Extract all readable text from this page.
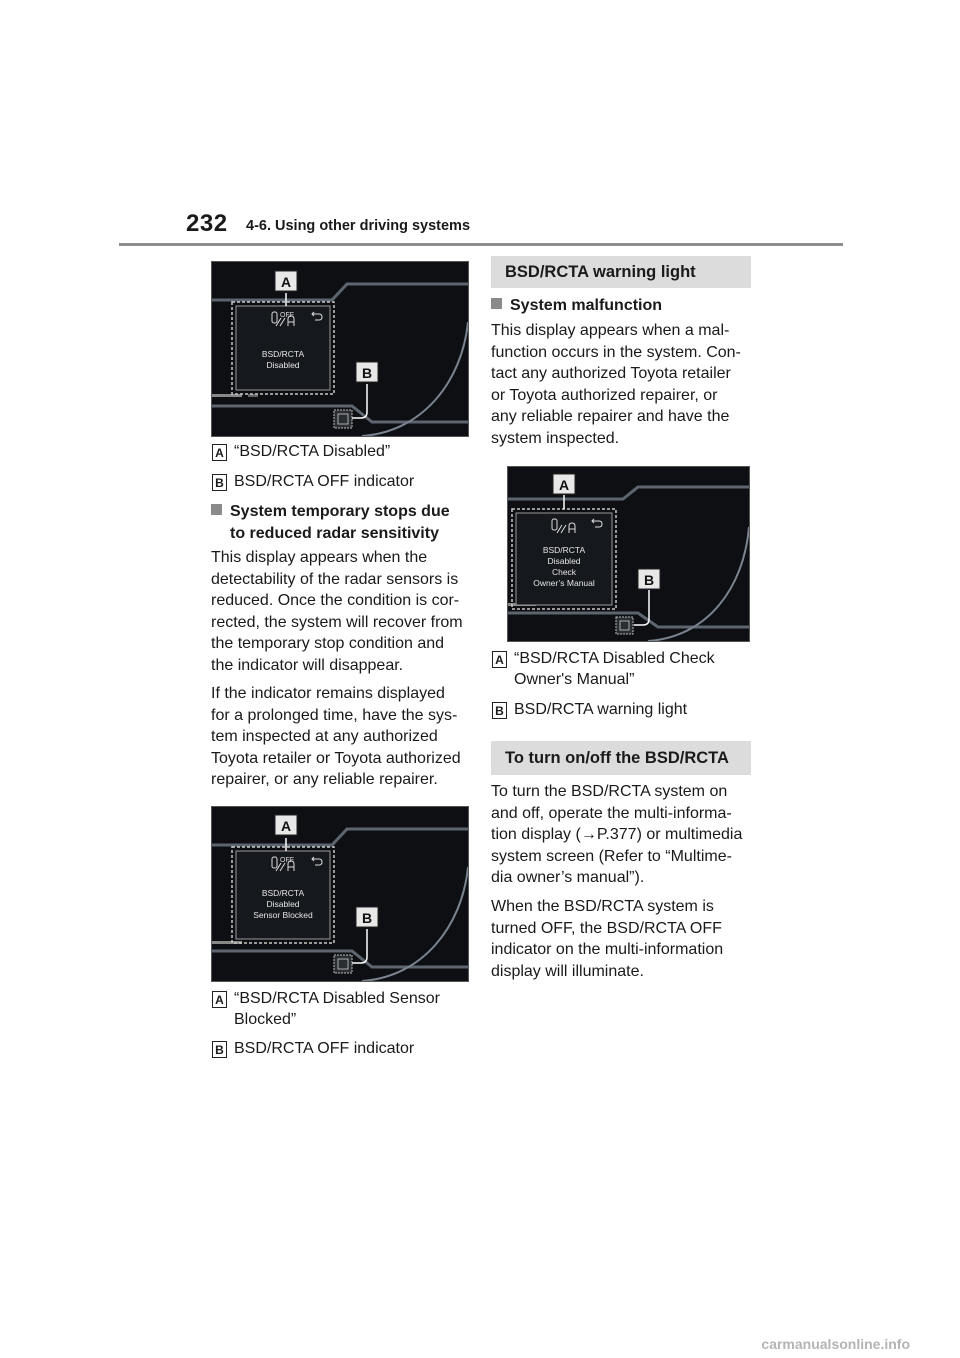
232 4-6. Using other driving systems
OFF
BSD/RCTA
Disabled
A
B
A “BSD/RCTA Disabled”
B BSD/RCTA OFF indicator
System temporary stops due
to reduced radar sensitivity
This display appears when the
detectability of the radar sensors is
reduced. Once the condition is cor-
rected, the system will recover from
the temporary stop condition and
the indicator will disappear.
If the indicator remains displayed
for a prolonged time, have the sys-
tem inspected at any authorized
Toyota retailer or Toyota authorized
repairer, or any reliable repairer.
OFF
BSD/RCTA
Disabled
Sensor Blocked
A
B
A “BSD/RCTA Disabled Sensor
Blocked”
B BSD/RCTA OFF indicator
BSD/RCTA warning light
System malfunction
This display appears when a mal-
function occurs in the system. Con-
tact any authorized Toyota retailer
or Toyota authorized repairer, or
any reliable repairer and have the
system inspected.
BSD/RCTA
Disabled
Check
Owner’s Manual
A
B
A “BSD/RCTA Disabled Check
Owner's Manual”
B BSD/RCTA warning light
To turn on/off the BSD/RCTA
To turn the BSD/RCTA system on
and off, operate the multi-informa-
tion display (→P.377) or multimedia
system screen (Refer to “Multime-
dia owner’s manual”).
When the BSD/RCTA system is
turned OFF, the BSD/RCTA OFF
indicator on the multi-information
display will illuminate.
carmanualsonline.info
